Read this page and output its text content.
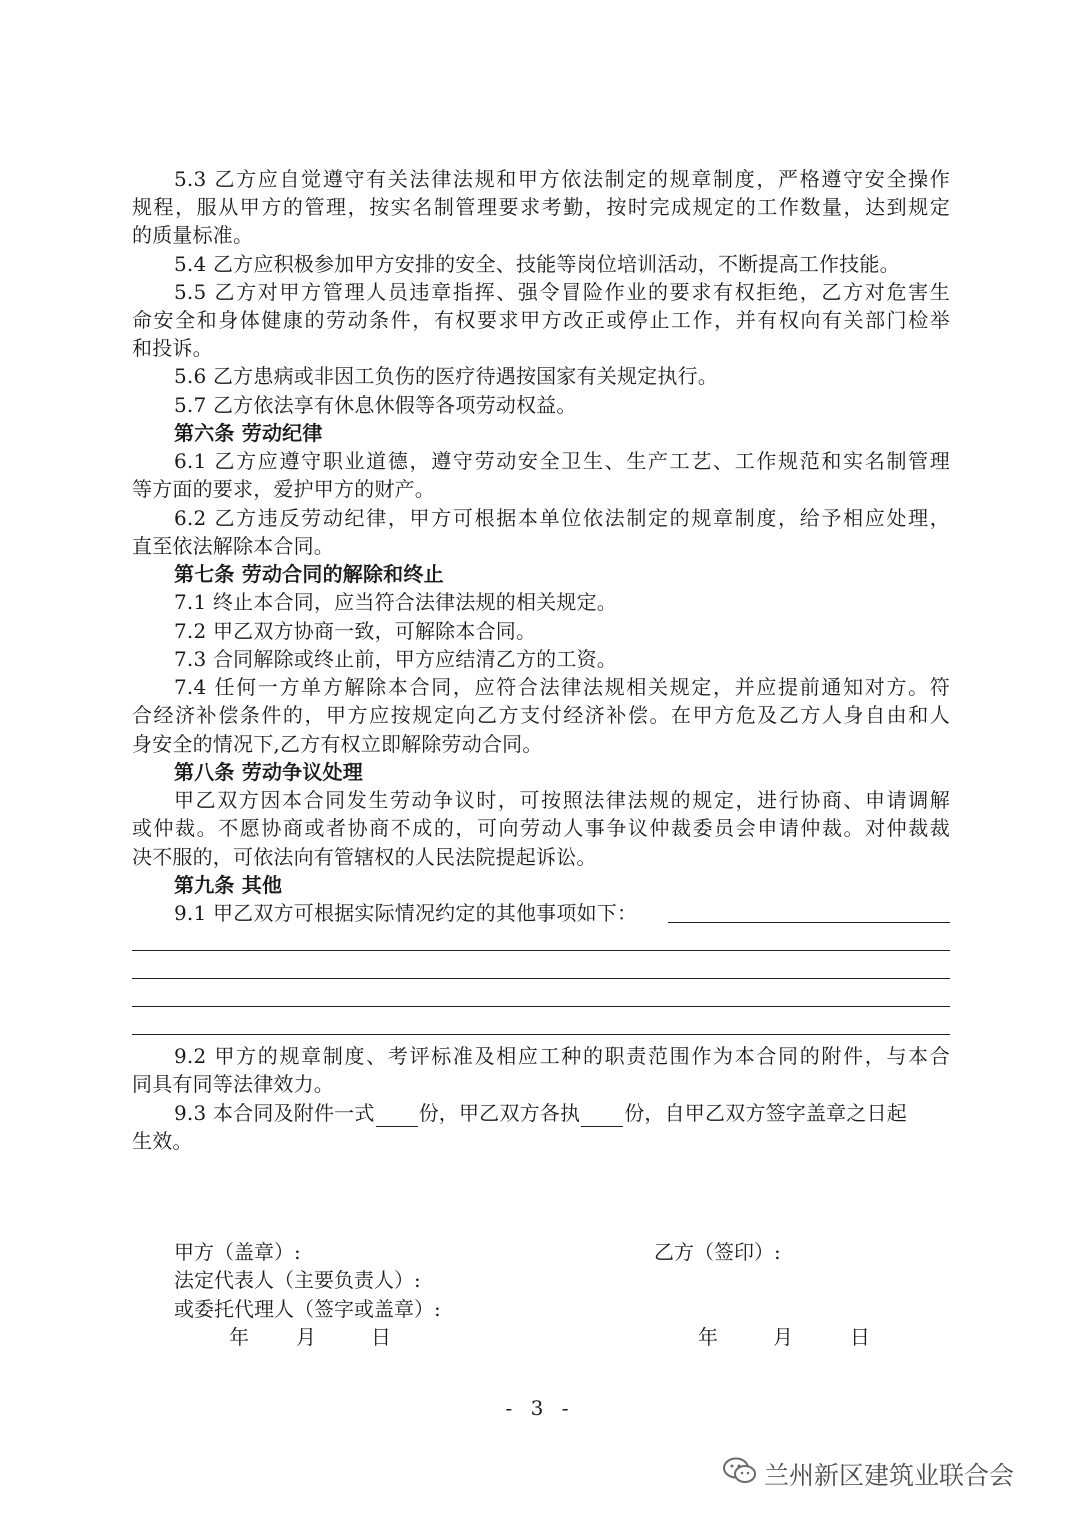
5.3 乙方应自觉遵守有关法律法规和甲方依法制定的规章制度，严格遵守安全操作
规程，服从甲方的管理，按实名制管理要求考勤，按时完成规定的工作数量，达到规定
的质量标准。
5.4 乙方应积极参加甲方安排的安全、技能等岗位培训活动，不断提高工作技能。
5.5 乙方对甲方管理人员违章指挥、强令冒险作业的要求有权拒绝，乙方对危害生
命安全和身体健康的劳动条件，有权要求甲方改正或停止工作，并有权向有关部门检举
和投诉。
5.6 乙方患病或非因工负伤的医疗待遇按国家有关规定执行。
5.7 乙方依法享有休息休假等各项劳动权益。
第六条 劳动纪律
6.1 乙方应遵守职业道德，遵守劳动安全卫生、生产工艺、工作规范和实名制管理
等方面的要求，爱护甲方的财产。
6.2 乙方违反劳动纪律，甲方可根据本单位依法制定的规章制度，给予相应处理，
直至依法解除本合同。
第七条 劳动合同的解除和终止
7.1 终止本合同，应当符合法律法规的相关规定。
7.2 甲乙双方协商一致，可解除本合同。
7.3 合同解除或终止前，甲方应结清乙方的工资。
7.4 任何一方单方解除本合同，应符合法律法规相关规定，并应提前通知对方。符
合经济补偿条件的，甲方应按规定向乙方支付经济补偿。在甲方危及乙方人身自由和人
身安全的情况下,乙方有权立即解除劳动合同。
第八条 劳动争议处理
甲乙双方因本合同发生劳动争议时，可按照法律法规的规定，进行协商、申请调解
或仲裁。不愿协商或者协商不成的，可向劳动人事争议仲裁委员会申请仲裁。对仲裁裁
决不服的，可依法向有管辖权的人民法院提起诉讼。
第九条 其他
9.1 甲乙双方可根据实际情况约定的其他事项如下：
9.2 甲方的规章制度、考评标准及相应工种的职责范围作为本合同的附件，与本合
同具有同等法律效力。
9.3 本合同及附件一式 份，甲乙双方各执 份，自甲乙双方签字盖章之日起
生效。
甲方（盖章）:
法定代表人（主要负责人）:
或委托代理人（签字或盖章）:
乙方（签印）:
年 月	日	年	月	日
- 3 -
兰州新区建筑业联合会
